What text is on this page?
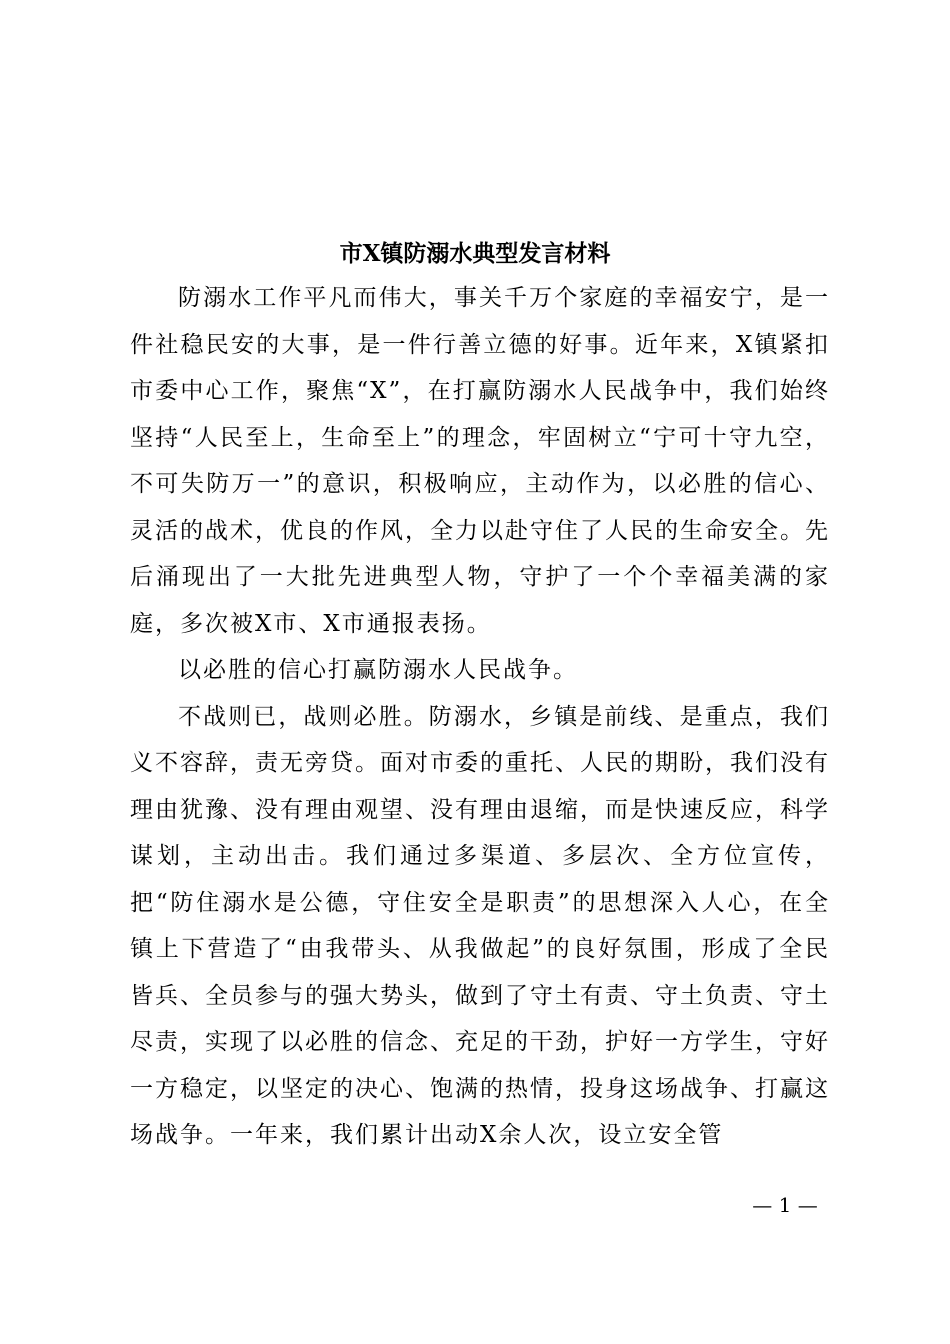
市X镇防溺水典型发言材料

防溺水工作平凡而伟大，事关千万个家庭的幸福安宁，是一件社稳民安的大事，是一件行善立德的好事。近年来，X镇紧扣市委中心工作，聚焦“X”，在打赢防溺水人民战争中，我们始终坚持“人民至上，生命至上”的理念，牢固树立“宁可十守九空，不可失防万一”的意识，积极响应，主动作为，以必胜的信心、灵活的战术，优良的作风，全力以赴守住了人民的生命安全。先后涌现出了一大批先进典型人物，守护了一个个幸福美满的家庭，多次被X市、X市通报表扬。

以必胜的信心打赢防溺水人民战争。

不战则已，战则必胜。防溺水，乡镇是前线、是重点，我们义不容辞，责无旁贷。面对市委的重托、人民的期盼，我们没有理由犹豫、没有理由观望、没有理由退缩，而是快速反应，科学谋划，主动出击。我们通过多渠道、多层次、全方位宣传，把“防住溺水是公德，守住安全是职责”的思想深入人心，在全镇上下营造了“由我带头、从我做起”的良好氛围，形成了全民皆兵、全员参与的强大势头，做到了守土有责、守土负责、守土尽责，实现了以必胜的信念、充足的干劲，护好一方学生，守好一方稳定，以坚定的决心、饱满的热情，投身这场战争、打赢这场战争。一年来，我们累计出动X余人次，设立安全管

— 1 —
